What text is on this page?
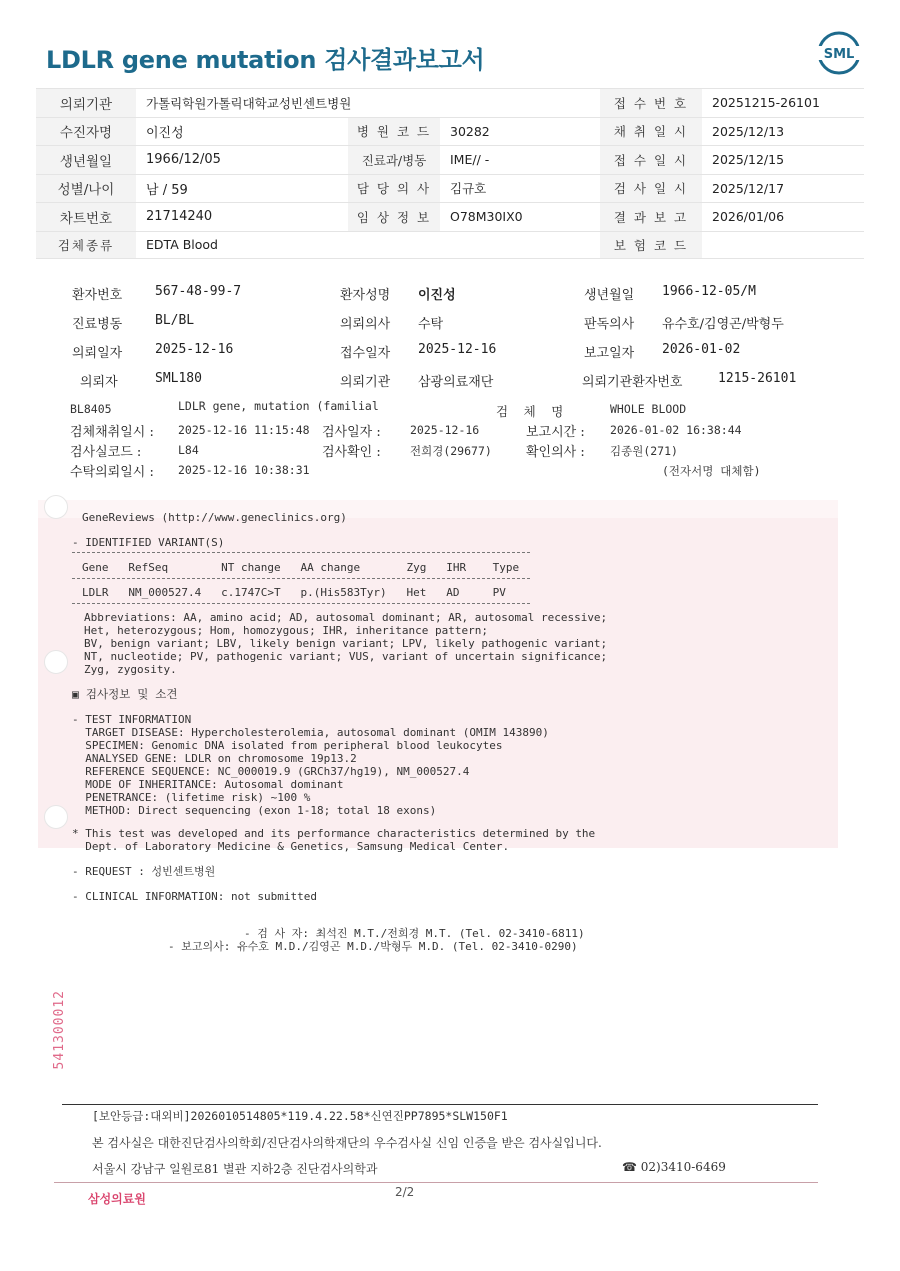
LDLR gene mutation 검사결과보고서	SML
의뢰기관	가톨릭학원가톨릭대학교성빈센트병원	접 수 번 호	20251215-26101
수진자명	이진성	병 원 코 드	30282	채 취 일 시	2025/12/13
생년월일	1966/12/05	진료과/병동	IME// -	접 수 일 시	2025/12/15
성별/나이	남 / 59	담 당 의 사	김규호	검 사 일 시	2025/12/17
차트번호	21714240	임 상 정 보	O78M30IX0	결 과 보 고	2026/01/06
검체종류	EDTA Blood	보 험 코 드
환자번호	567-48-99-7	환자성명 이진성	생년월일 1966-12-05/M
진료병동	BL/BL	의뢰의사 수탁	판독의사 유수호/김영곤/박형두
의뢰일자	2025-12-16	접수일자 2025-12-16	보고일자 2026-01-02
의뢰자	SML180	의뢰기관 삼광의료재단	의뢰기관환자번호	1215-26101
BL8405	LDLR gene, mutation (familial	검 체 명	WHOLE BLOOD
검체채취일시 : 2025-12-16 11:15:48 검사일자 :	2025-12-16	보고시간 : 2026-01-02 16:38:44
검사실코드 :	L84	검사확인 :	전희경(29677)	확인의사 : 김종원(271)
수탁의뢰일시 : 2025-12-16 10:38:31	(전자서명 대체함)
GeneReviews (http://www.geneclinics.org)
- IDENTIFIED VARIANT(S)
Gene   RefSeq        NT change   AA change       Zyg   IHR    Type
LDLR   NM_000527.4   c.1747C>T   p.(His583Tyr)   Het   AD     PV
Abbreviations: AA, amino acid; AD, autosomal dominant; AR, autosomal recessive;
Het, heterozygous; Hom, homozygous; IHR, inheritance pattern;
BV, benign variant; LBV, likely benign variant; LPV, likely pathogenic variant;
NT, nucleotide; PV, pathogenic variant; VUS, variant of uncertain significance;
Zyg, zygosity.
▣ 검사정보 및 소견
- TEST INFORMATION
TARGET DISEASE: Hypercholesterolemia, autosomal dominant (OMIM 143890)
SPECIMEN: Genomic DNA isolated from peripheral blood leukocytes
ANALYSED GENE: LDLR on chromosome 19p13.2
REFERENCE SEQUENCE: NC_000019.9 (GRCh37/hg19), NM_000527.4
MODE OF INHERITANCE: Autosomal dominant
PENETRANCE: (lifetime risk) ~100 %
METHOD: Direct sequencing (exon 1-18; total 18 exons)
* This test was developed and its performance characteristics determined by the
Dept. of Laboratory Medicine & Genetics, Samsung Medical Center.
- REQUEST : 성빈센트병원
- CLINICAL INFORMATION: not submitted
- 검 사 자: 최석진 M.T./전희경 M.T. (Tel. 02-3410-6811)
- 보고의사: 유수호 M.D./김영곤 M.D./박형두 M.D. (Tel. 02-3410-0290)
541300012
[보안등급:대외비]2026010514805*119.4.22.58*신연진PP7895*SLW150F1
본 검사실은 대한진단검사의학회/진단검사의학재단의 우수검사실 신임 인증을 받은 검사실입니다.
서울시 강남구 일원로81 별관 지하2층 진단검사의학과	☎ 02)3410-6469
삼성의료원	2/2
